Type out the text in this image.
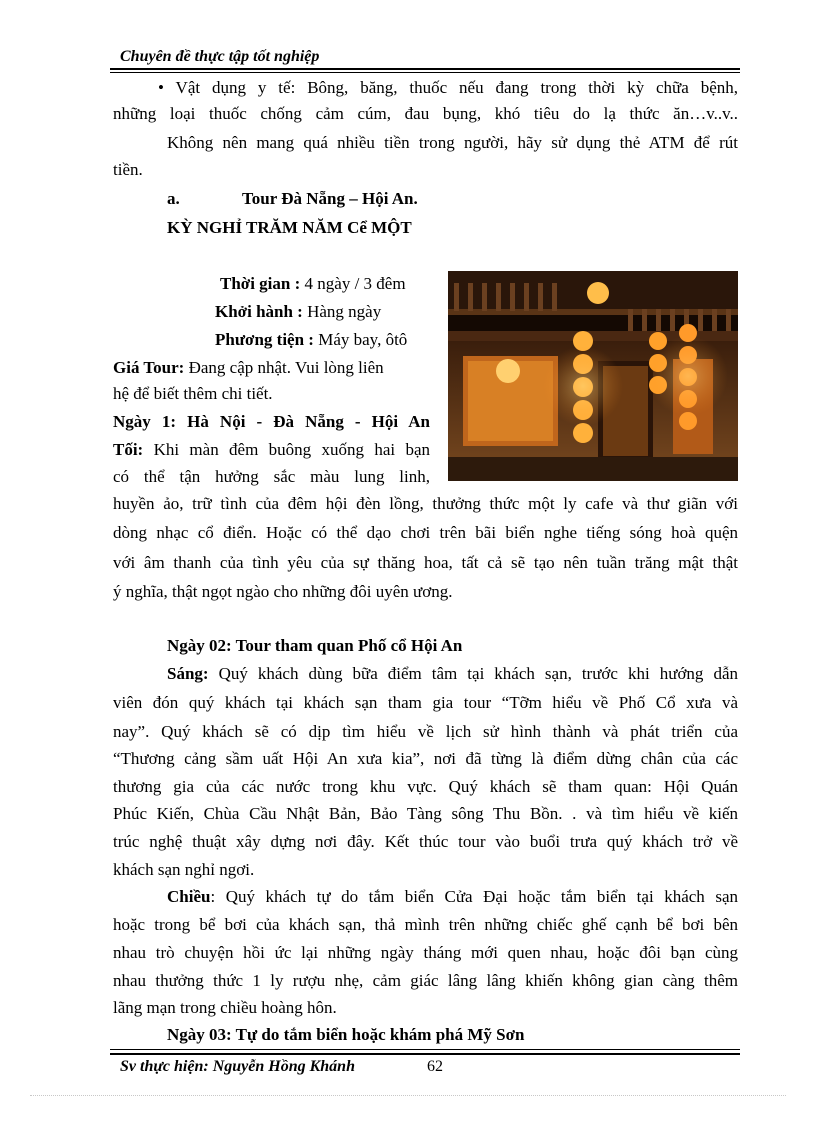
Chuyên đề thực tập tốt nghiệp
• Vật dụng y tế: Bông, băng, thuốc nếu đang trong thời kỳ chữa bệnh,
những loại thuốc chống cảm cúm, đau bụng, khó tiêu do lạ thức ăn…v..v..
Không nên mang quá nhiều tiền trong người, hãy sử dụng thẻ ATM để rút
tiền.
a.	Tour Đà Nẵng – Hội An.
KỲ NGHỈ TRĂM NĂM Cể MỘT
Thời gian : 4 ngày / 3 đêm
Khởi hành : Hàng ngày
Phương tiện : Máy bay, ôtô
Giá Tour: Đang cập nhật. Vui lòng liên
hệ để biết thêm chi tiết.
Ngày 1: Hà Nội - Đà Nẵng - Hội An
Tối: Khi màn đêm buông xuống hai bạn
có thể tận hưởng sắc màu lung linh,
huyền ảo, trữ tình của đêm hội đèn lồng, thưởng thức một ly cafe và thư giãn với
dòng nhạc cổ điển. Hoặc có thể dạo chơi trên bãi biển nghe tiếng sóng hoà quện
với âm thanh của tình yêu của sự thăng hoa, tất cả sẽ tạo nên tuần trăng mật thật
ý nghĩa, thật ngọt ngào cho những đôi uyên ương.
Ngày 02: Tour tham quan Phố cổ Hội An
Sáng: Quý khách dùng bữa điểm tâm tại khách sạn, trước khi hướng dẫn
viên đón quý khách tại khách sạn tham gia tour “Tỡm hiểu về Phố Cổ xưa và
nay”. Quý khách sẽ có dịp tìm hiểu về lịch sử hình thành và phát triển của
“Thương cảng sầm uất Hội An xưa kia”, nơi đã từng là điểm dừng chân của các
thương gia của các nước trong khu vực. Quý khách sẽ tham quan: Hội Quán
Phúc Kiến, Chùa Cầu Nhật Bản, Bảo Tàng sông Thu Bồn. . và tìm hiểu về kiến
trúc nghệ thuật xây dựng nơi đây. Kết thúc tour vào buổi trưa quý khách trở về
khách sạn nghỉ ngơi.
Chiều: Quý khách tự do tắm biển Cửa Đại hoặc tắm biển tại khách sạn
hoặc trong bể bơi của khách sạn, thả mình trên những chiếc ghế cạnh bể bơi bên
nhau trò chuyện hồi ức lại những ngày tháng mới quen nhau, hoặc đôi bạn cùng
nhau thưởng thức 1 ly rượu nhẹ, cảm giác lâng lâng khiến không gian càng thêm
lãng mạn trong chiều hoàng hôn.
Ngày 03: Tự do tắm biển hoặc khám phá Mỹ Sơn
Sv thực hiện: Nguyễn Hồng Khánh	62
